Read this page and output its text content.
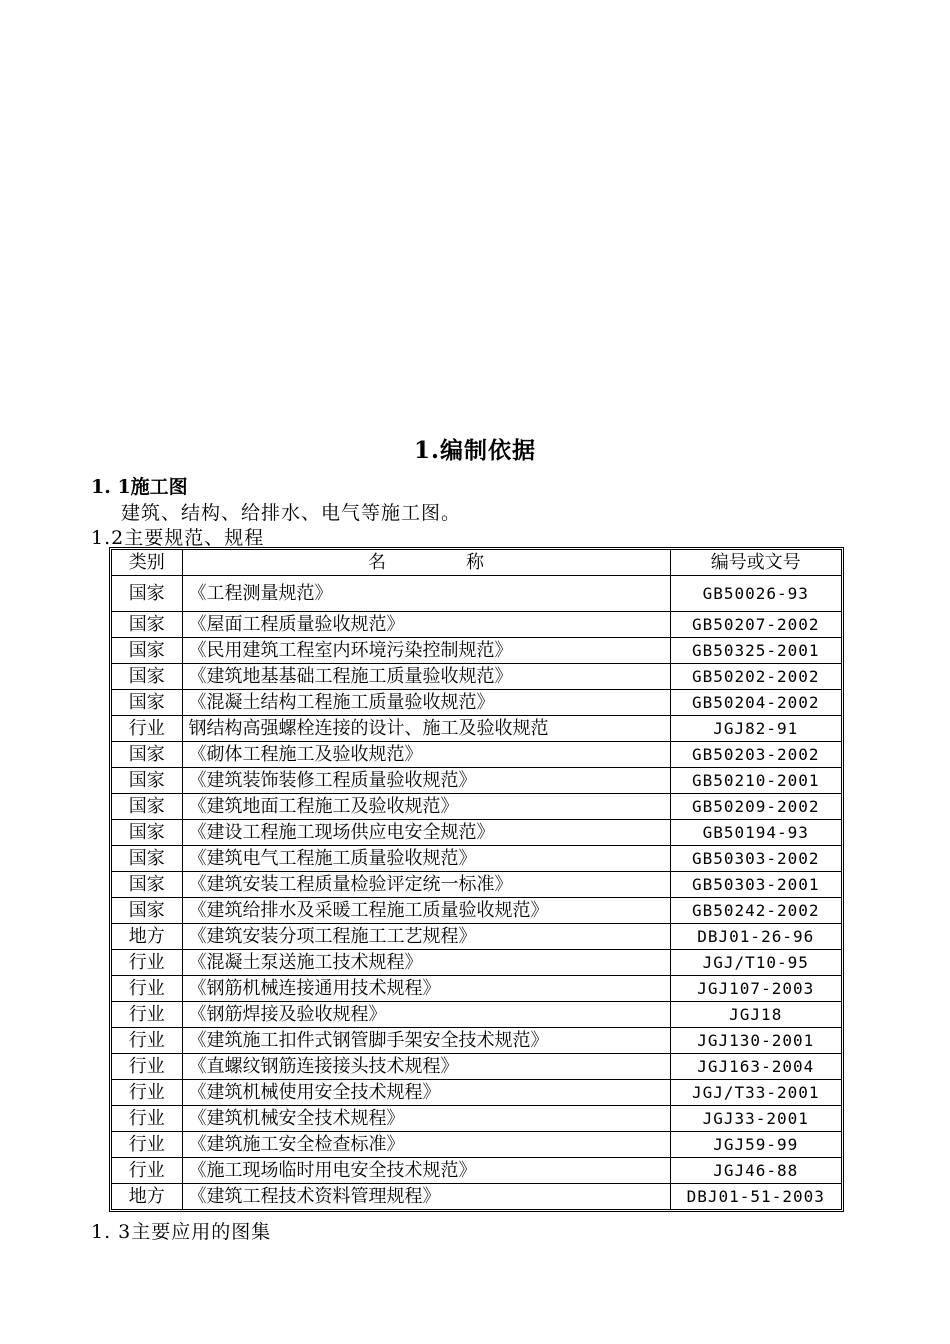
1.编制依据
1. 1施工图
建筑、结构、给排水、电气等施工图。
1.2主要规范、规程
类别	名 称	编号或文号
国家	《工程测量规范》	GB50026-93
国家	《屋面工程质量验收规范》	GB50207-2002
国家	《民用建筑工程室内环境污染控制规范》	GB50325-2001
国家	《建筑地基基础工程施工质量验收规范》	GB50202-2002
国家	《混凝土结构工程施工质量验收规范》	GB50204-2002
行业	钢结构高强螺栓连接的设计、施工及验收规范	JGJ82-91
国家	《砌体工程施工及验收规范》	GB50203-2002
国家	《建筑装饰装修工程质量验收规范》	GB50210-2001
国家	《建筑地面工程施工及验收规范》	GB50209-2002
国家	《建设工程施工现场供应电安全规范》	GB50194-93
国家	《建筑电气工程施工质量验收规范》	GB50303-2002
国家	《建筑安装工程质量检验评定统一标准》	GB50303-2001
国家	《建筑给排水及采暖工程施工质量验收规范》	GB50242-2002
地方	《建筑安装分项工程施工工艺规程》	DBJ01-26-96
行业	《混凝土泵送施工技术规程》	JGJ/T10-95
行业	《钢筋机械连接通用技术规程》	JGJ107-2003
行业	《钢筋焊接及验收规程》	JGJ18
行业	《建筑施工扣件式钢管脚手架安全技术规范》	JGJ130-2001
行业	《直螺纹钢筋连接接头技术规程》	JGJ163-2004
行业	《建筑机械使用安全技术规程》	JGJ/T33-2001
行业	《建筑机械安全技术规程》	JGJ33-2001
行业	《建筑施工安全检查标准》	JGJ59-99
行业	《施工现场临时用电安全技术规范》	JGJ46-88
地方	《建筑工程技术资料管理规程》	DBJ01-51-2003
1. 3主要应用的图集
